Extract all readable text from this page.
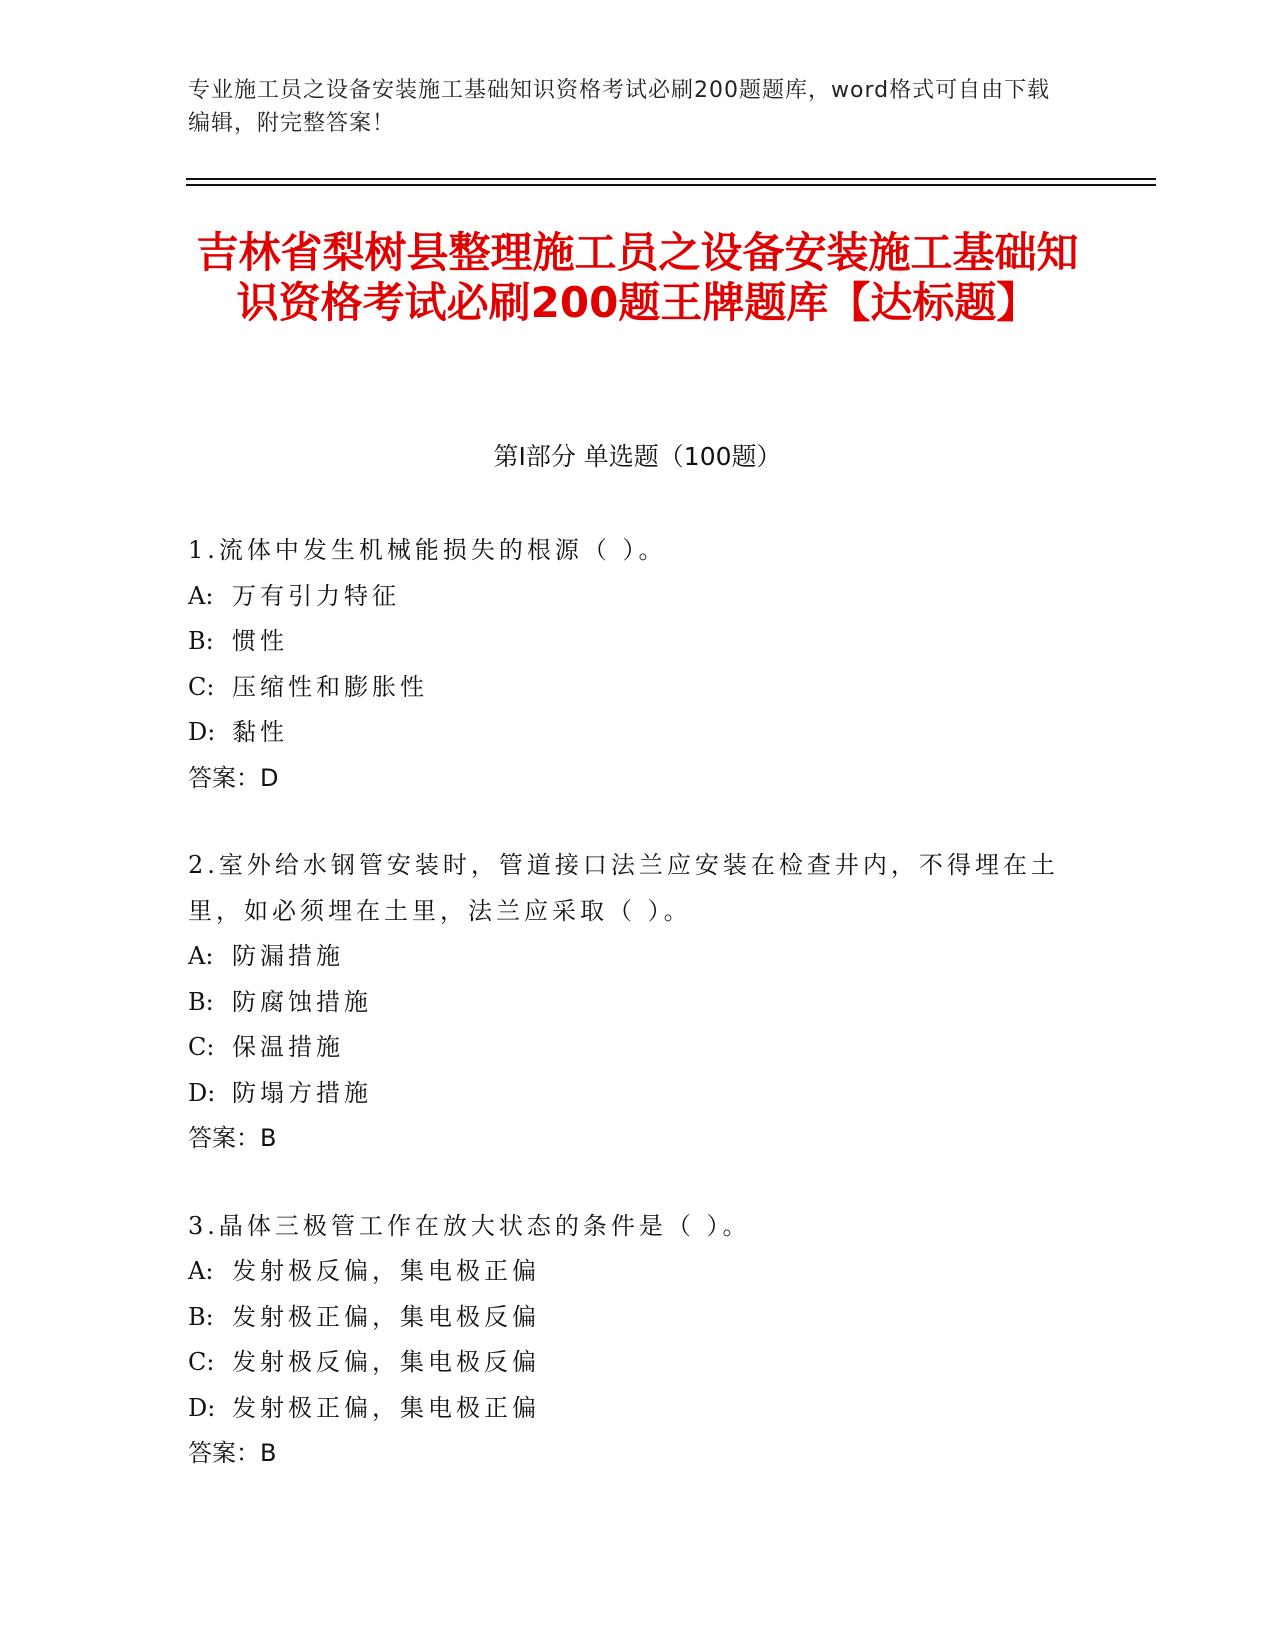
专业施工员之设备安装施工基础知识资格考试必刷200题题库，word格式可自由下载编辑，附完整答案！
吉林省梨树县整理施工员之设备安装施工基础知识资格考试必刷200题王牌题库【达标题】
第Ⅰ部分 单选题（100题）
1.流体中发生机械能损失的根源（ ）。
A: 万有引力特征
B: 惯性
C: 压缩性和膨胀性
D: 黏性
答案：D
2.室外给水钢管安装时，管道接口法兰应安装在检查井内，不得埋在土里，如必须埋在土里，法兰应采取（ ）。
A: 防漏措施
B: 防腐蚀措施
C: 保温措施
D: 防塌方措施
答案：B
3.晶体三极管工作在放大状态的条件是（ ）。
A: 发射极反偏，集电极正偏
B: 发射极正偏，集电极反偏
C: 发射极反偏，集电极反偏
D: 发射极正偏，集电极正偏
答案：B
